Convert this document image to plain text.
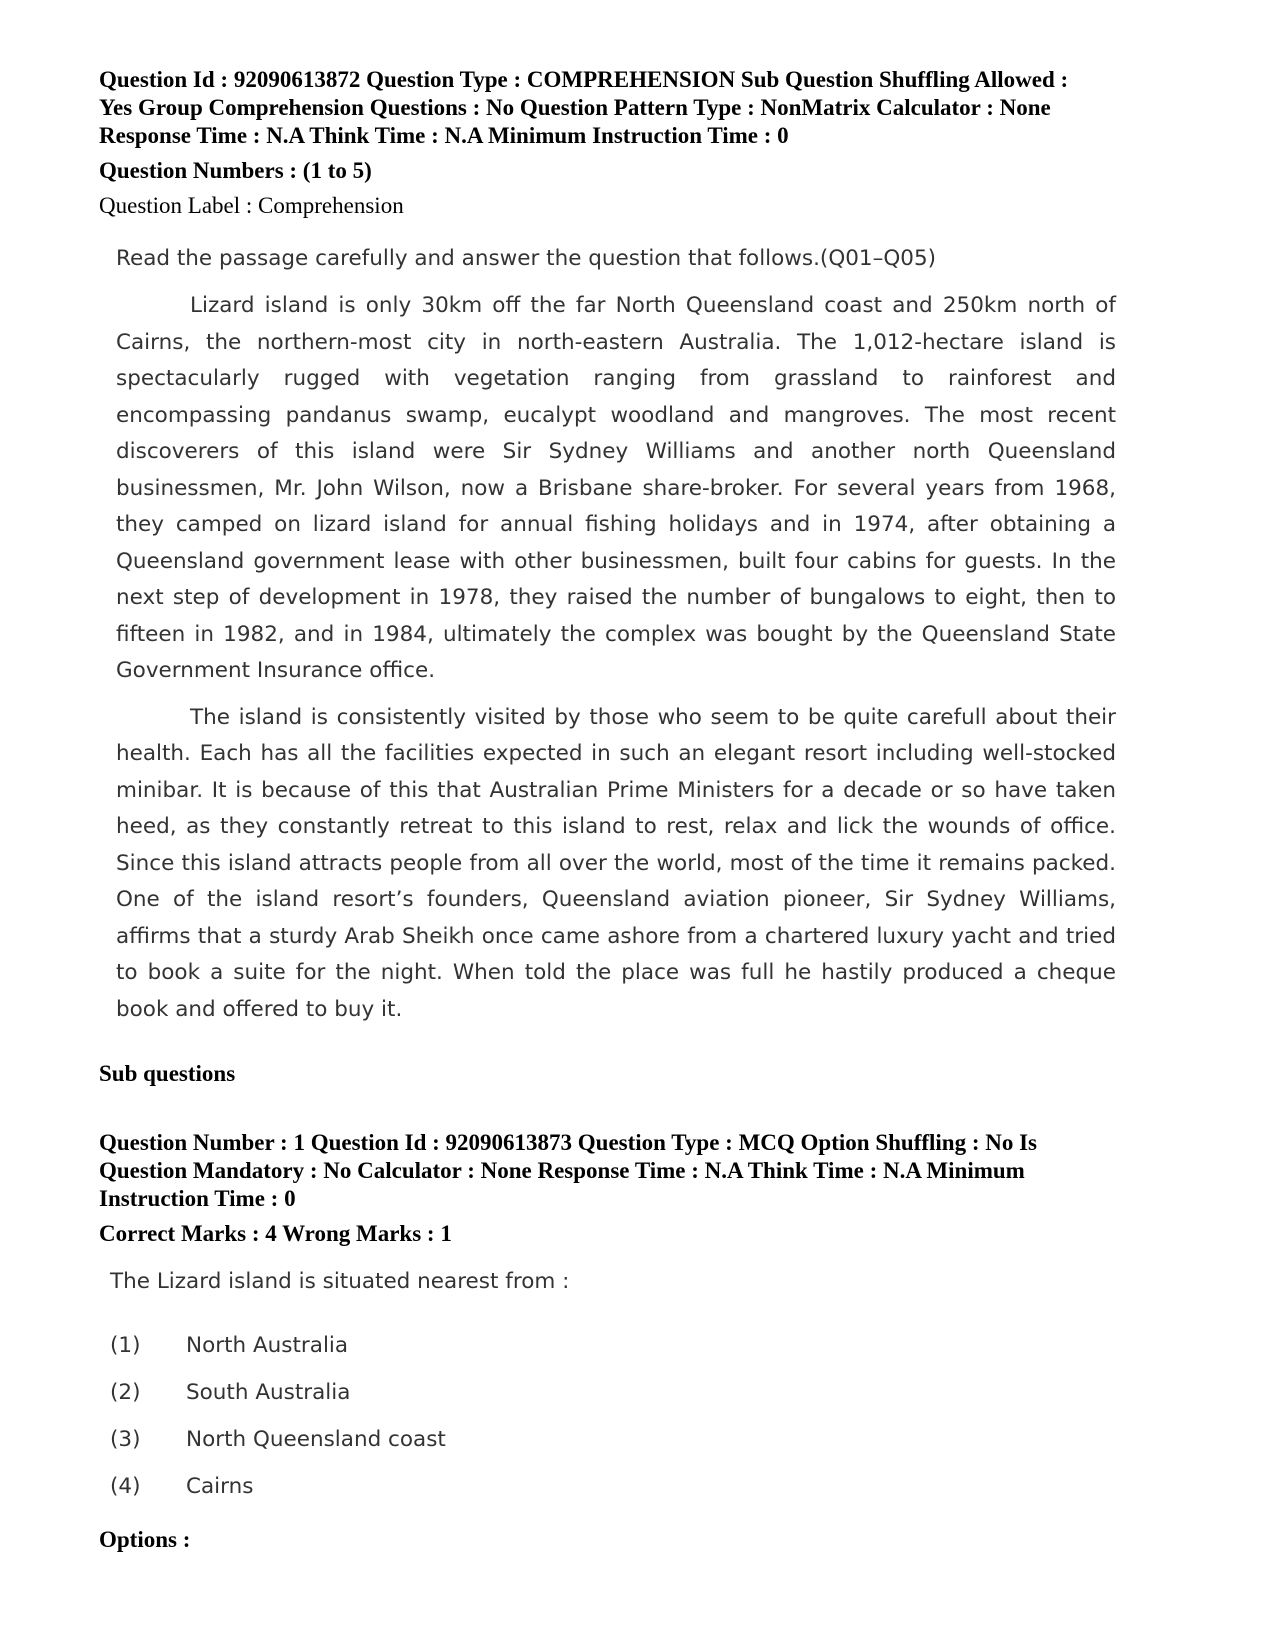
Question Id : 92090613872 Question Type : COMPREHENSION Sub Question Shuffling Allowed :
Yes Group Comprehension Questions : No Question Pattern Type : NonMatrix Calculator : None
Response Time : N.A Think Time : N.A Minimum Instruction Time : 0
Question Numbers : (1 to 5)
Question Label : Comprehension
Read the passage carefully and answer the question that follows.(Q01–Q05)

Lizard island is only 30km off the far North Queensland coast and 250km north of Cairns, the northern-most city in north-eastern Australia. The 1,012-hectare island is spectacularly rugged with vegetation ranging from grassland to rainforest and encompassing pandanus swamp, eucalypt woodland and mangroves. The most recent discoverers of this island were Sir Sydney Williams and another north Queensland businessmen, Mr. John Wilson, now a Brisbane share-broker. For several years from 1968, they camped on lizard island for annual fishing holidays and in 1974, after obtaining a Queensland government lease with other businessmen, built four cabins for guests. In the next step of development in 1978, they raised the number of bungalows to eight, then to fifteen in 1982, and in 1984, ultimately the complex was bought by the Queensland State Government Insurance office.

The island is consistently visited by those who seem to be quite carefull about their health. Each has all the facilities expected in such an elegant resort including well-stocked minibar. It is because of this that Australian Prime Ministers for a decade or so have taken heed, as they constantly retreat to this island to rest, relax and lick the wounds of office. Since this island attracts people from all over the world, most of the time it remains packed. One of the island resort’s founders, Queensland aviation pioneer, Sir Sydney Williams, affirms that a sturdy Arab Sheikh once came ashore from a chartered luxury yacht and tried to book a suite for the night. When told the place was full he hastily produced a cheque book and offered to buy it.

Sub questions
Question Number : 1 Question Id : 92090613873 Question Type : MCQ Option Shuffling : No Is
Question Mandatory : No Calculator : None Response Time : N.A Think Time : N.A Minimum
Instruction Time : 0
Correct Marks : 4 Wrong Marks : 1
The Lizard island is situated nearest from :
(1)	North Australia
(2)	South Australia
(3)	North Queensland coast
(4)	Cairns
Options :
